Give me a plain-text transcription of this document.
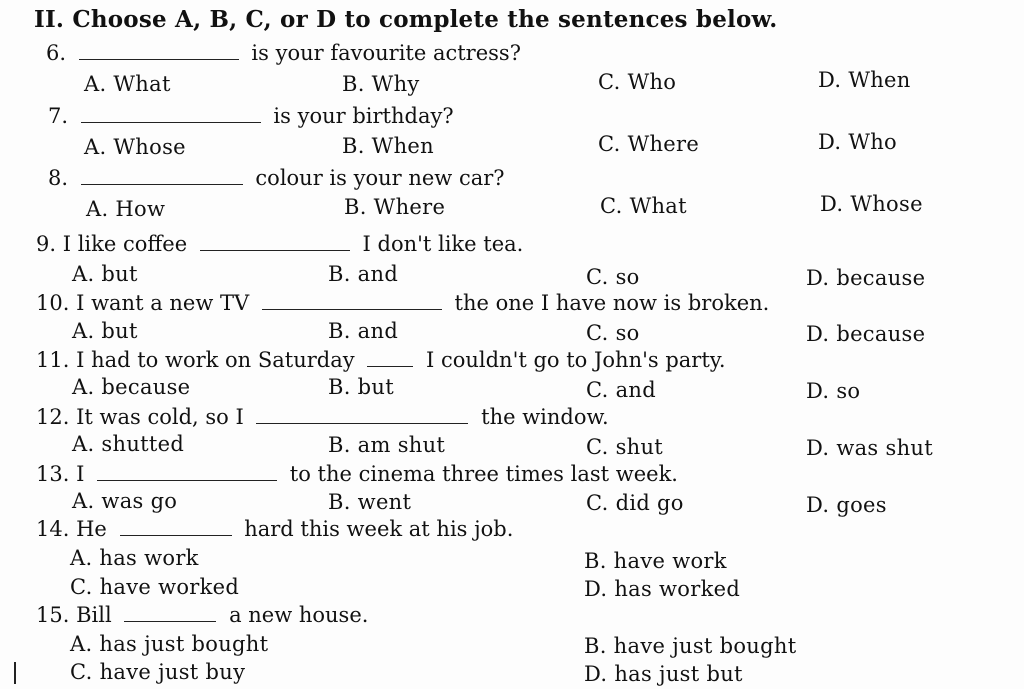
II. Choose A, B, C, or D to complete the sentences below.
6.	is your favourite actress?
A. What	B. Why	C. Who	D. When
7.	is your birthday?
A. Whose	B. When	C. Where	D. Who
8.	colour is your new car?
A. How	B. Where	C. What	D. Whose
9. I like coffee	I don't like tea.
A. but	B. and	C. so	D. because
10. I want a new TV	the one I have now is broken.
A. but	B. and	C. so	D. because
11. I had to work on Saturday	I couldn't go to John's party.
A. because	B. but	C. and	D. so
12. It was cold, so I	the window.
A. shutted	B. am shut	C. shut	D. was shut
13. I	to the cinema three times last week.
A. was go	B. went	C. did go	D. goes
14. He	hard this week at his job.
A. has work	B. have work
C. have worked	D. has worked
15. Bill	a new house.
A. has just bought	B. have just bought
C. have just buy	D. has just but
